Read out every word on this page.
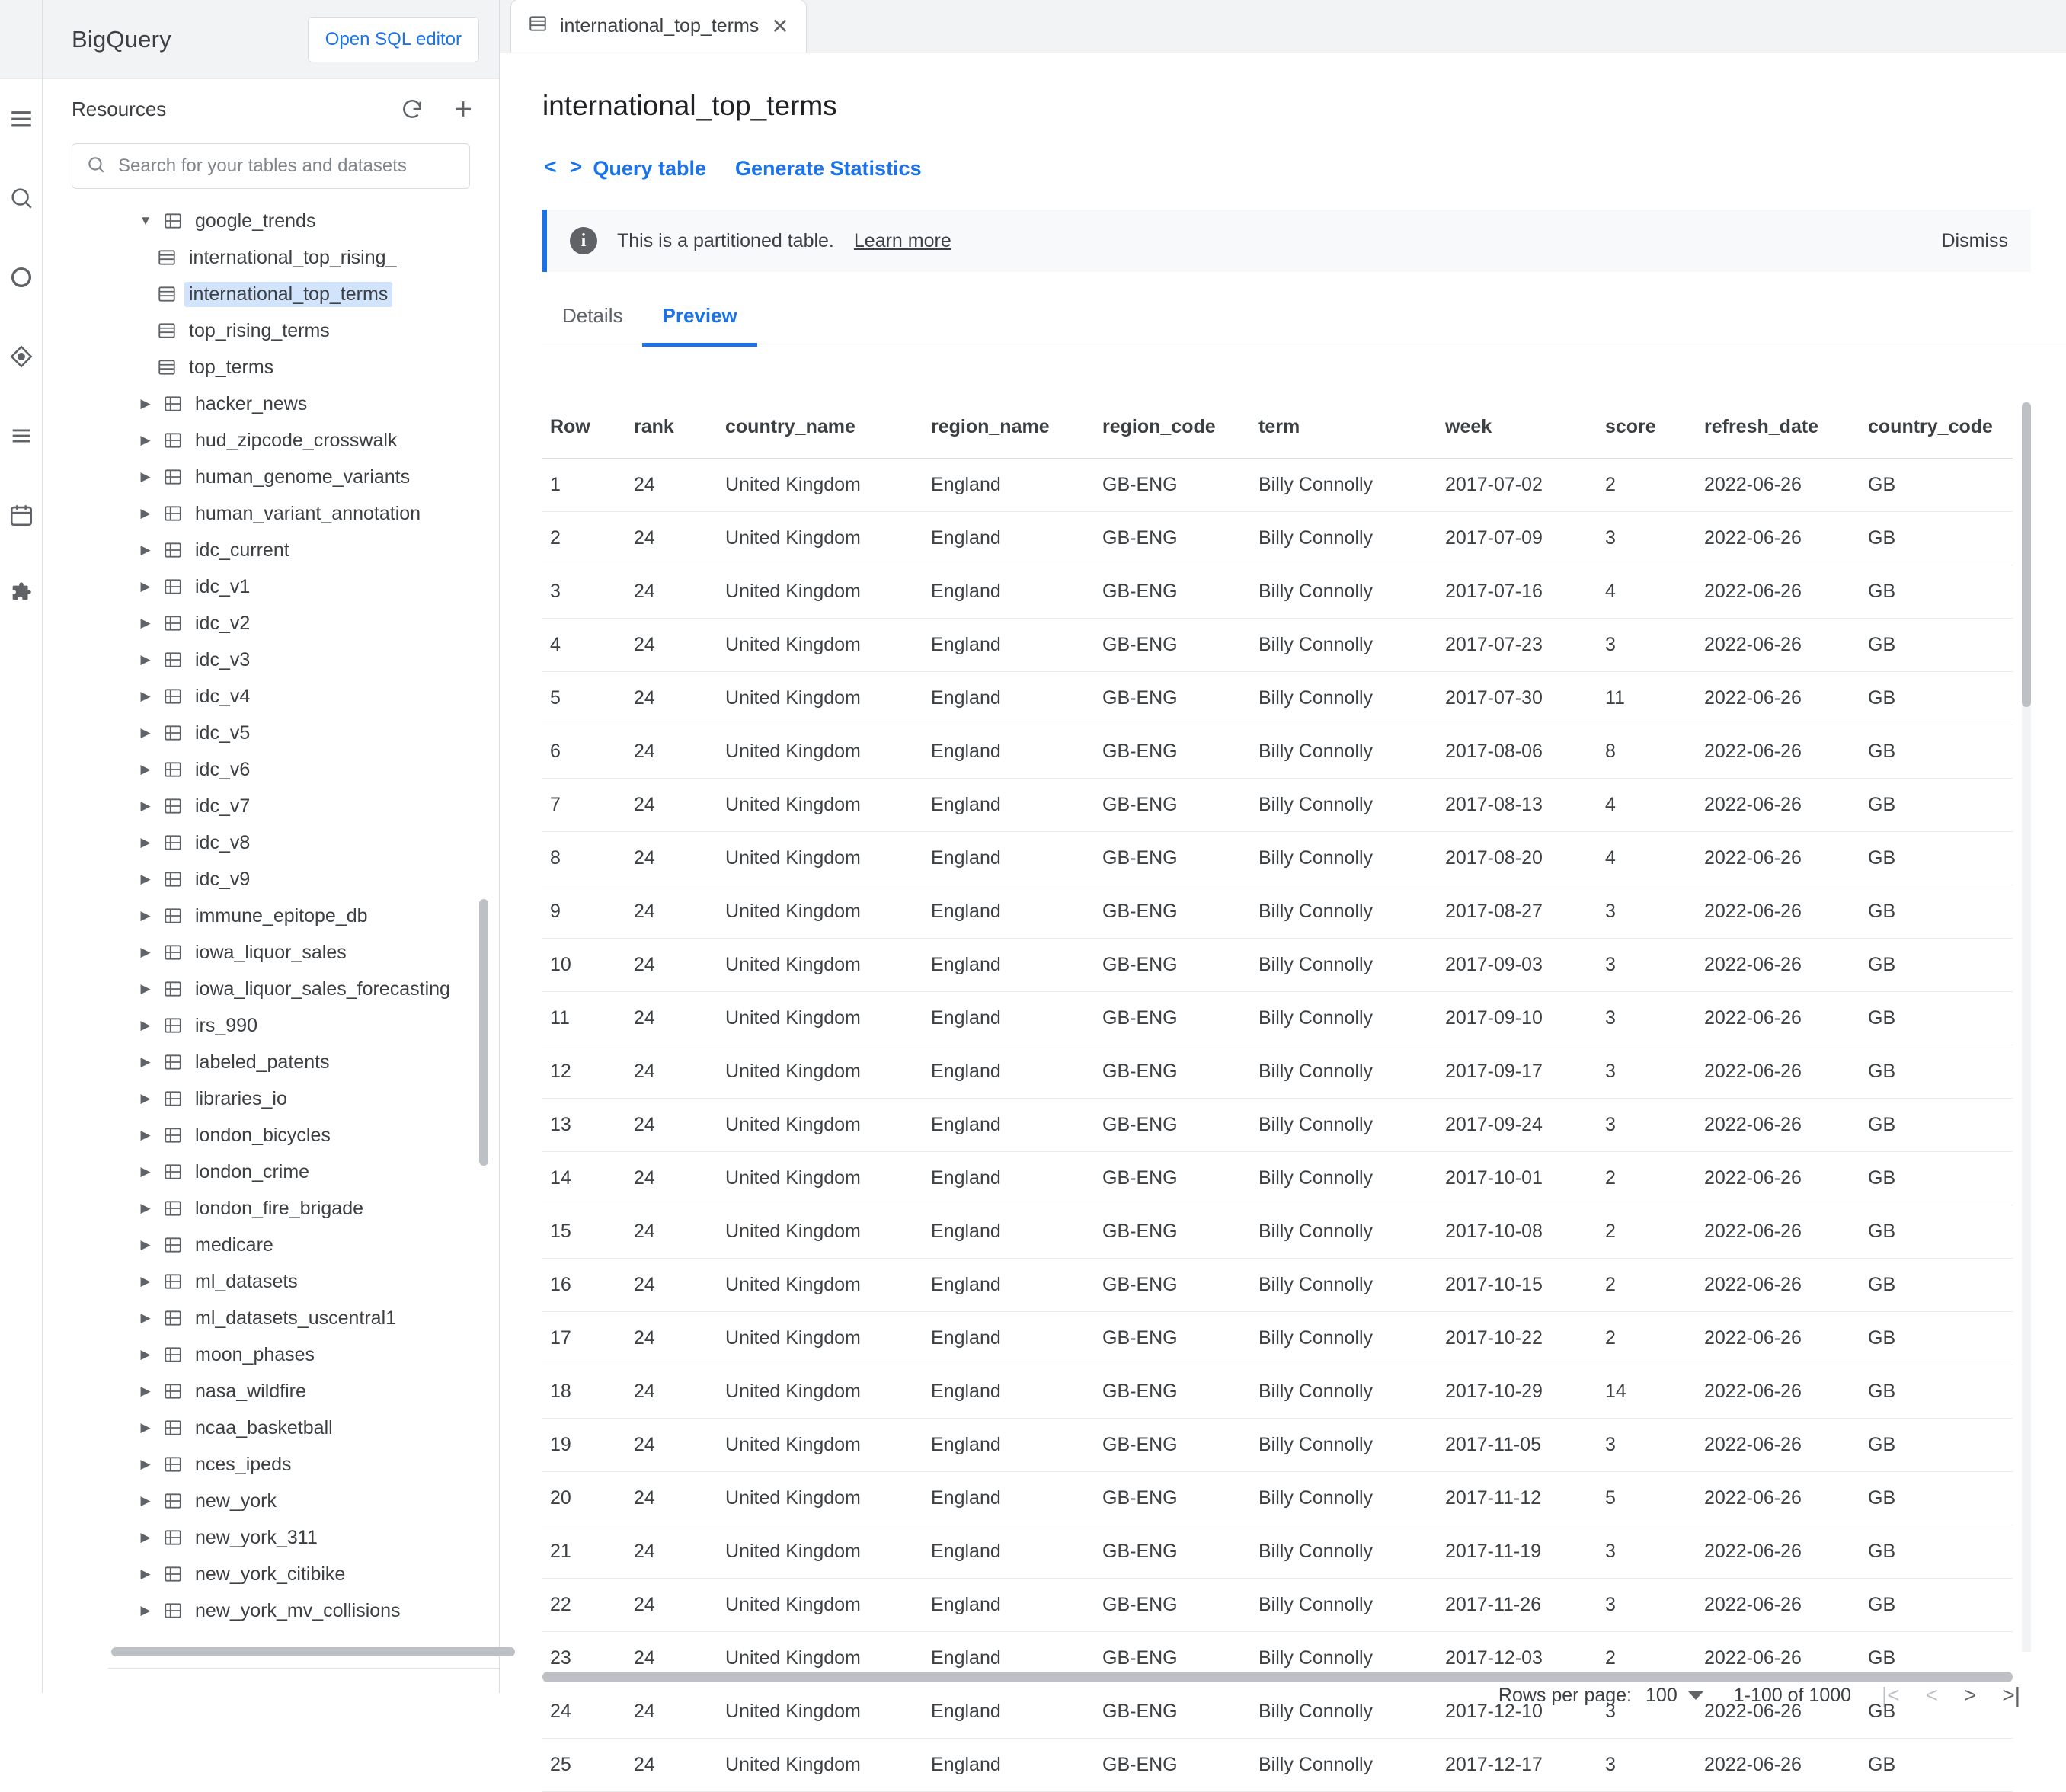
BigQuery	Open SQL editor
Resources
Search for your tables and datasets
▼	google_trends
international_top_rising_
international_top_terms
top_rising_terms
top_terms
▶	hacker_news
▶	hud_zipcode_crosswalk
▶	human_genome_variants
▶	human_variant_annotation
▶	idc_current
▶	idc_v1
▶	idc_v2
▶	idc_v3
▶	idc_v4
▶	idc_v5
▶	idc_v6
▶	idc_v7
▶	idc_v8
▶	idc_v9
▶	immune_epitope_db
▶	iowa_liquor_sales
▶	iowa_liquor_sales_forecasting
▶	irs_990
▶	labeled_patents
▶	libraries_io
▶	london_bicycles
▶	london_crime
▶	london_fire_brigade
▶	medicare
▶	ml_datasets
▶	ml_datasets_uscentral1
▶	moon_phases
▶	nasa_wildfire
▶	ncaa_basketball
▶	nces_ipeds
▶	new_york
▶	new_york_311
▶	new_york_citibike
▶	new_york_mv_collisions
international_top_terms ✕
international_top_terms
< > Query table Generate Statistics
i	This is a partitioned table. Learn more	Dismiss
Details	Preview
Row	rank	country_name	region_name	region_code	term	week	score	refresh_date	country_code
1	24	United Kingdom	England	GB-ENG	Billy Connolly	2017-07-02	2	2022-06-26	GB
2	24	United Kingdom	England	GB-ENG	Billy Connolly	2017-07-09	3	2022-06-26	GB
3	24	United Kingdom	England	GB-ENG	Billy Connolly	2017-07-16	4	2022-06-26	GB
4	24	United Kingdom	England	GB-ENG	Billy Connolly	2017-07-23	3	2022-06-26	GB
5	24	United Kingdom	England	GB-ENG	Billy Connolly	2017-07-30	11	2022-06-26	GB
6	24	United Kingdom	England	GB-ENG	Billy Connolly	2017-08-06	8	2022-06-26	GB
7	24	United Kingdom	England	GB-ENG	Billy Connolly	2017-08-13	4	2022-06-26	GB
8	24	United Kingdom	England	GB-ENG	Billy Connolly	2017-08-20	4	2022-06-26	GB
9	24	United Kingdom	England	GB-ENG	Billy Connolly	2017-08-27	3	2022-06-26	GB
10	24	United Kingdom	England	GB-ENG	Billy Connolly	2017-09-03	3	2022-06-26	GB
11	24	United Kingdom	England	GB-ENG	Billy Connolly	2017-09-10	3	2022-06-26	GB
12	24	United Kingdom	England	GB-ENG	Billy Connolly	2017-09-17	3	2022-06-26	GB
13	24	United Kingdom	England	GB-ENG	Billy Connolly	2017-09-24	3	2022-06-26	GB
14	24	United Kingdom	England	GB-ENG	Billy Connolly	2017-10-01	2	2022-06-26	GB
15	24	United Kingdom	England	GB-ENG	Billy Connolly	2017-10-08	2	2022-06-26	GB
16	24	United Kingdom	England	GB-ENG	Billy Connolly	2017-10-15	2	2022-06-26	GB
17	24	United Kingdom	England	GB-ENG	Billy Connolly	2017-10-22	2	2022-06-26	GB
18	24	United Kingdom	England	GB-ENG	Billy Connolly	2017-10-29	14	2022-06-26	GB
19	24	United Kingdom	England	GB-ENG	Billy Connolly	2017-11-05	3	2022-06-26	GB
20	24	United Kingdom	England	GB-ENG	Billy Connolly	2017-11-12	5	2022-06-26	GB
21	24	United Kingdom	England	GB-ENG	Billy Connolly	2017-11-19	3	2022-06-26	GB
22	24	United Kingdom	England	GB-ENG	Billy Connolly	2017-11-26	3	2022-06-26	GB
23	24	United Kingdom	England	GB-ENG	Billy Connolly	2017-12-03	2	2022-06-26	GB
24	24	United Kingdom	England	GB-ENG	Billy Connolly	2017-12-10	3	2022-06-26	GB
25	24	United Kingdom	England	GB-ENG	Billy Connolly	2017-12-17	3	2022-06-26	GB
Rows per page: 100	1-100 of 1000 |< < > >|
